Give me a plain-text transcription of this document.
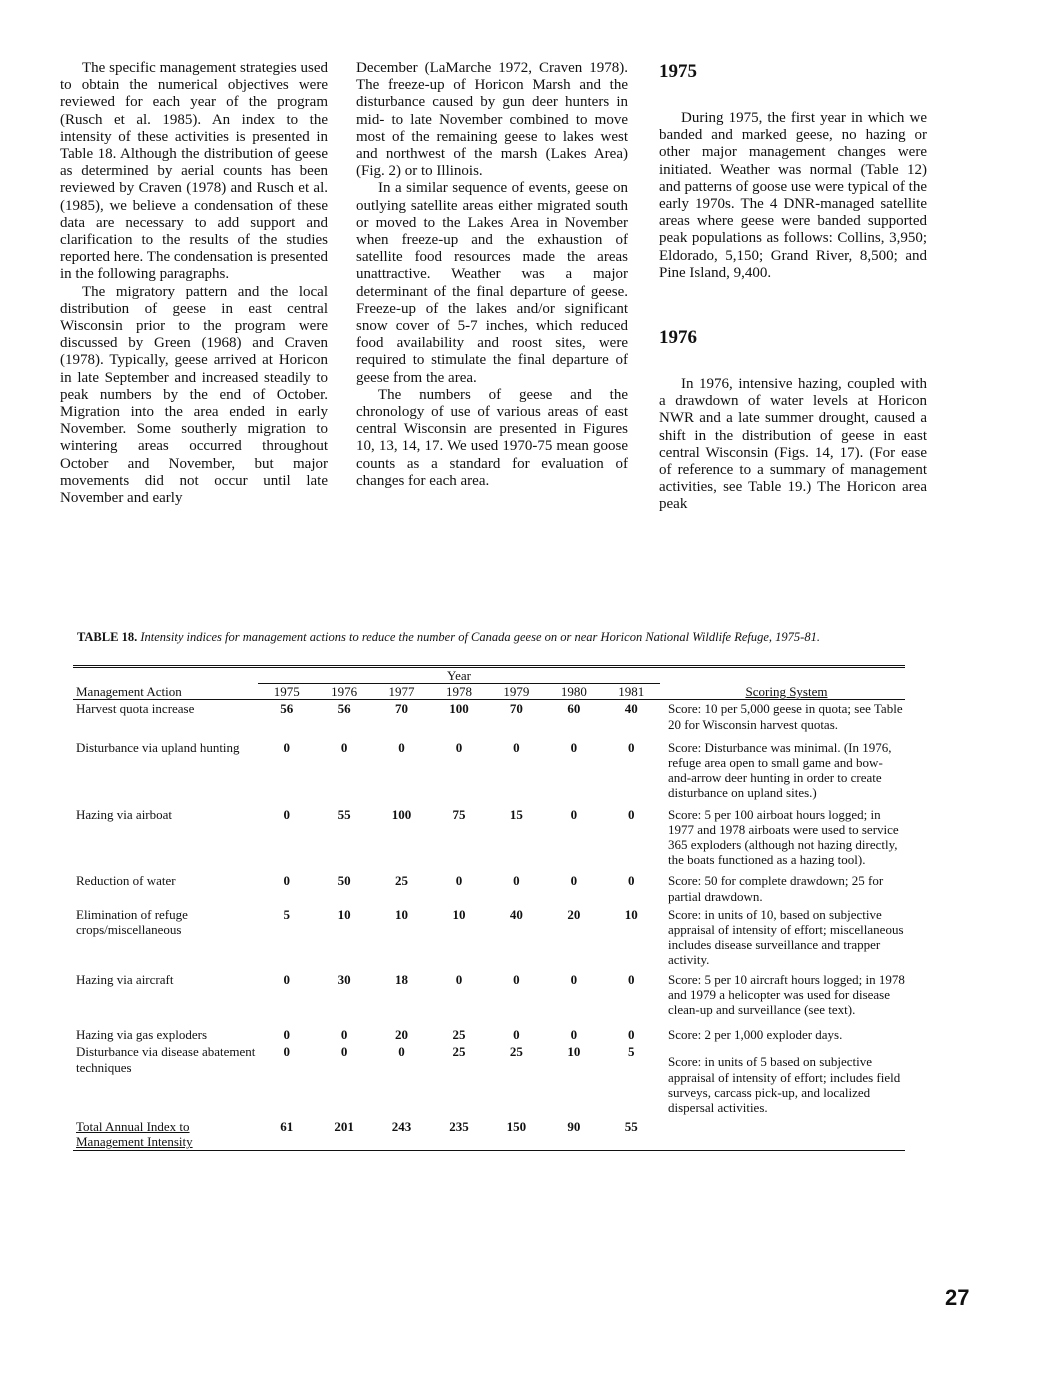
The specific management strategies used to obtain the numerical objectives were reviewed for each year of the program (Rusch et al. 1985). An index to the intensity of these activities is presented in Table 18. Although the distribution of geese as determined by aerial counts has been reviewed by Craven (1978) and Rusch et al. (1985), we believe a condensation of these data are necessary to add support and clarification to the results of the studies reported here. The condensation is presented in the following paragraphs.

The migratory pattern and the local distribution of geese in east central Wisconsin prior to the program were discussed by Green (1968) and Craven (1978). Typically, geese arrived at Horicon in late September and increased steadily to peak numbers by the end of October. Migration into the area ended in early November. Some southerly migration to wintering areas occurred throughout October and November, but major movements did not occur until late November and early

December (LaMarche 1972, Craven 1978). The freeze-up of Horicon Marsh and the disturbance caused by gun deer hunters in mid- to late November combined to move most of the remaining geese to lakes west and northwest of the marsh (Lakes Area) (Fig. 2) or to Illinois.

In a similar sequence of events, geese on outlying satellite areas either migrated south or moved to the Lakes Area in November when freeze-up and the exhaustion of satellite food resources made the areas unattractive. Weather was a major determinant of the final departure of geese. Freeze-up of the lakes and/or significant snow cover of 5-7 inches, which reduced food availability and roost sites, were required to stimulate the final departure of geese from the area.

The numbers of geese and the chronology of use of various areas of east central Wisconsin are presented in Figures 10, 13, 14, 17. We used 1970-75 mean goose counts as a standard for evaluation of changes for each area.

1975

During 1975, the first year in which we banded and marked geese, no hazing or other major management changes were initiated. Weather was normal (Table 12) and patterns of goose use were typical of the early 1970s. The 4 DNR-managed satellite areas where geese were banded supported peak populations as follows: Collins, 3,950; Eldorado, 5,150; Grand River, 8,500; and Pine Island, 9,400.

1976

In 1976, intensive hazing, coupled with a drawdown of water levels at Horicon NWR and a late summer drought, caused a shift in the distribution of geese in east central Wisconsin (Figs. 14, 17). (For ease of reference to a summary of management activities, see Table 19.) The Horicon area peak

TABLE 18. Intensity indices for management actions to reduce the number of Canada geese on or near Horicon National Wildlife Refuge, 1975-81.
	Year							
Management Action	1975	1976	1977	1978	1979	1980	1981	Scoring System

Harvest quota increase	56	56	70	100	70	60	40	Score: 10 per 5,000 geese in quota; see Table 20 for Wisconsin harvest quotas.
Disturbance via upland hunting	0	0	0	0	0	0	0	Score: Disturbance was minimal. (In 1976, refuge area open to small game and bow-and-arrow deer hunting in order to create disturbance on upland sites.)
Hazing via airboat	0	55	100	75	15	0	0	Score: 5 per 100 airboat hours logged; in 1977 and 1978 airboats were used to service 365 exploders (although not hazing directly, the boats functioned as a hazing tool).
Reduction of water	0	50	25	0	0	0	0	Score: 50 for complete drawdown; 25 for partial drawdown.
Elimination of refuge crops/miscellaneous	5	10	10	10	40	20	10	Score: in units of 10, based on subjective appraisal of intensity of effort; miscellaneous includes disease surveillance and trapper activity.
Hazing via aircraft	0	30	18	0	0	0	0	Score: 5 per 10 aircraft hours logged; in 1978 and 1979 a helicopter was used for disease clean-up and surveillance (see text).
Hazing via gas exploders	0	0	20	25	0	0	0	Score: 2 per 1,000 exploder days.
Disturbance via disease abatement techniques	0	0	0	25	25	10	5	Score: in units of 5 based on subjective appraisal of intensity of effort; includes field surveys, carcass pick-up, and localized dispersal activities.
Total Annual Index to Management Intensity	61	201	243	235	150	90	55	
27
